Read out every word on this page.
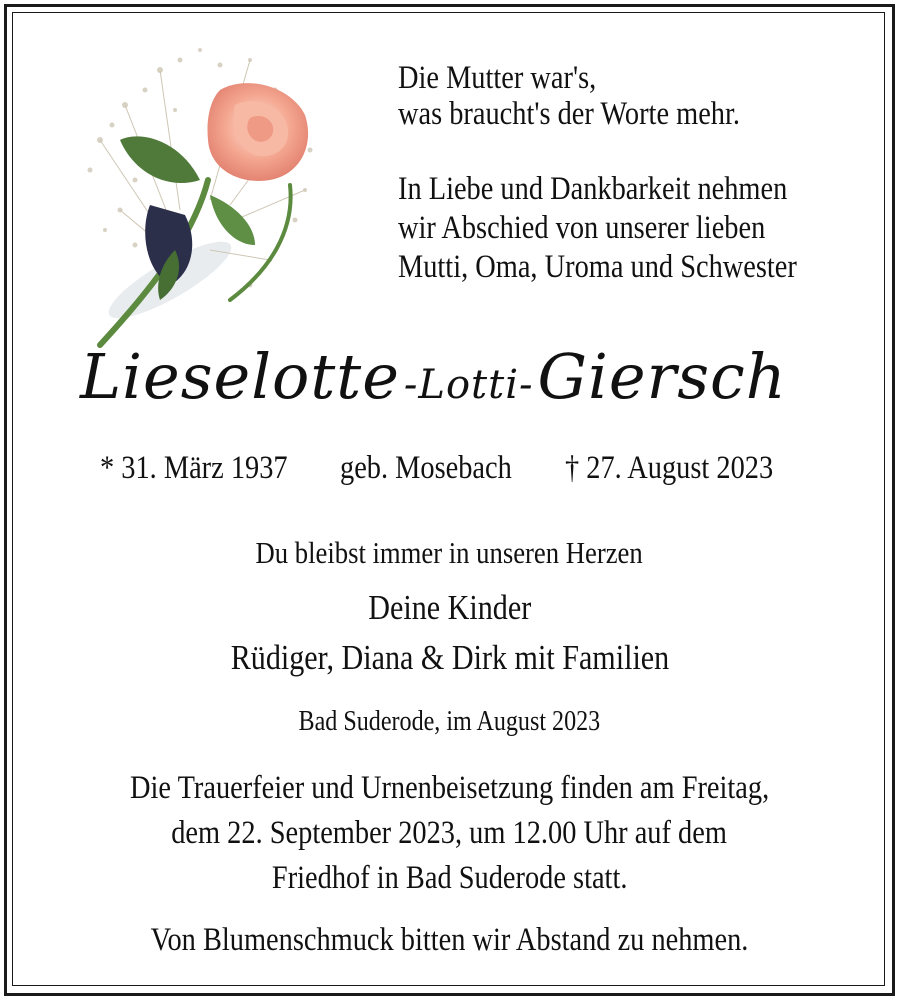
Die Mutter war's,
was braucht's der Worte mehr.
In Liebe und Dankbarkeit nehmen
wir Abschied von unserer lieben
Mutti, Oma, Uroma und Schwester
Lieselotte -Lotti- Giersch
* 31. März 1937	geb. Mosebach	† 27. August 2023
Du bleibst immer in unseren Herzen
Deine Kinder
Rüdiger, Diana & Dirk mit Familien
Bad Suderode, im August 2023
Die Trauerfeier und Urnenbeisetzung finden am Freitag,
dem 22. September 2023, um 12.00 Uhr auf dem
Friedhof in Bad Suderode statt.
Von Blumenschmuck bitten wir Abstand zu nehmen.
